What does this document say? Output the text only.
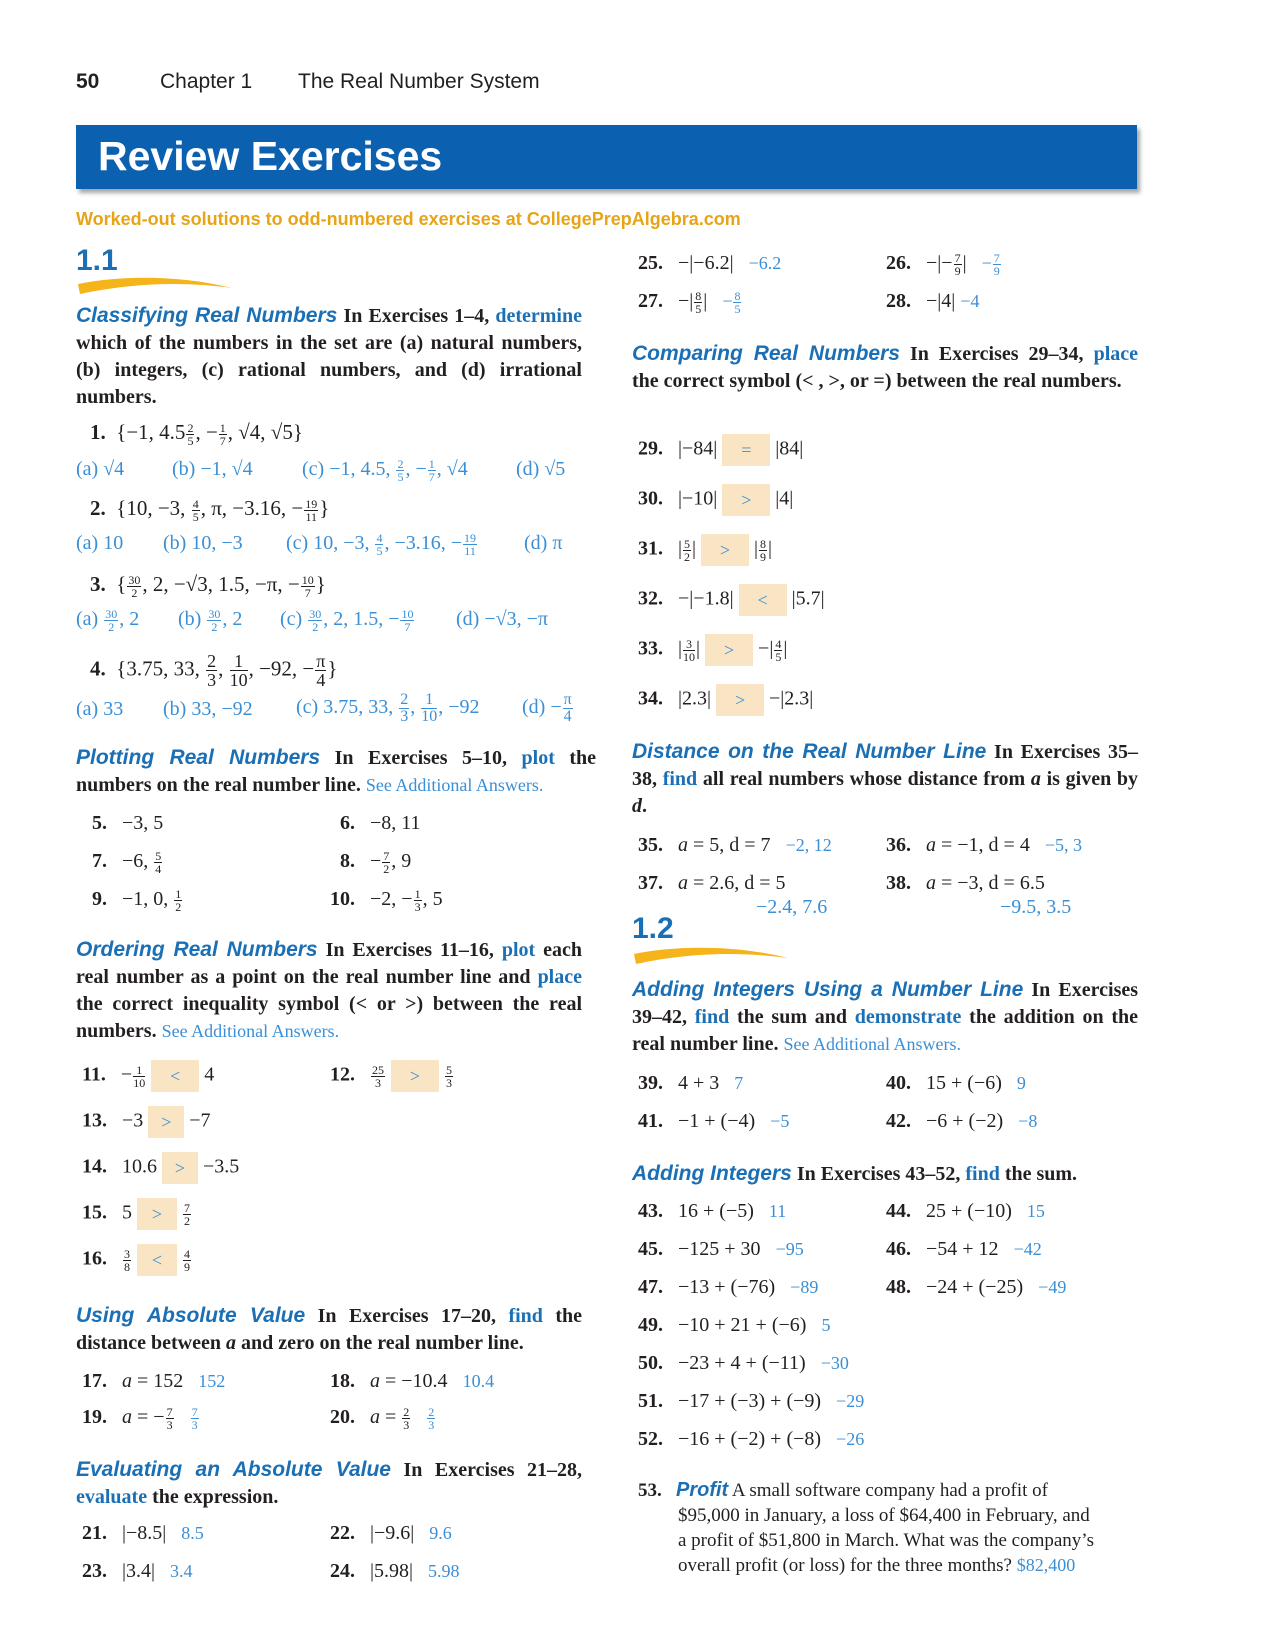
50	Chapter 1 The Real Number System
Review Exercises
Worked-out solutions to odd-numbered exercises at CollegePrepAlgebra.com
1.1
Classifying Real Numbers In Exercises 1–4, determine which of the numbers in the set are (a) natural numbers, (b) integers, (c) rational numbers, and (d) irrational numbers.
1. {−1, $4.5 \frac{2}{5}$ , − $\frac{1}{7}$ , √4, √5}
(a) √4 (b) −1, √4 (c) −1, 4.5, $\frac{2}{5}$ , − $\frac{1}{7}$ , √4 (d) √5
2. {10, −3, $\frac{4}{5}$ , π, −3.16, − $\frac{19}{11}$ }
(a) 10 (b) 10, −3 (c) 10, −3, $\frac{4}{5}$ , −3.16, − $\frac{19}{11} (d)$ π
3. { $\frac{30}{2}$ , 2, −√3, 1.5, −π, − $\frac{10}{7}$ }
$(a) \frac{30}{2}$ , 2 $(b) \frac{30}{2}$ , 2 $(c) \frac{30}{2}$ , 2, 1.5, − $\frac{10}{7} (d) -√3$, −π
4. {3.75, 33, $\frac{2}{3}$ , $\frac{1}{10}$ , −92, − $\frac{\pi}{4}$ }
(a) 33 (b) 33, −92 (c) 3.75, 33, $\frac{2}{3}$ , $\frac{1}{10}$ , −92 $(d) - \frac{\pi}{4}$
Plotting Real Numbers In Exercises 5–10, plot the numbers on the real number line. See Additional Answers.
5. −3, 5	6. −8, 11
7. −6, $\frac{5}{4}$	8. − $\frac{7}{2}$ , 9
9. −1, 0, $\frac{1}{2}$	10. −2, − $\frac{1}{3}$ , 5
Ordering Real Numbers In Exercises 11–16, plot each real number as a point on the real number line and place the correct inequality symbol (< or >) between the real numbers. See Additional Answers.
11.   − $\frac{1}{10} < 4$	12. $\frac{25}{3} > \frac{5}{3}$
13. −3 > −7
14. 10.6 > −3.5
15. $5 > \frac{7}{2}$
16. $\frac{3}{8} < \frac{4}{9}$
Using Absolute Value In Exercises 17–20, find the distance between a and zero on the real number line.
17. a = 152 152	18. a = −10.4 10.4
19. a = − $\frac{7}{3}$
$\frac{7}{3}$	20. $a = \frac{2}{3}$
$\frac{2}{3}$
Evaluating an Absolute Value In Exercises 21–28, evaluate the expression.
21. |−8.5| 8.5	22. |−9.6| 9.6
23. |3.4| 3.4	24. |5.98| 5.98
25. −|−6.2| −6.2	26. −|− $\frac{7}{9}$ | − $\frac{7}{9}$
27. −| $\frac{8}{5}$ | − $\frac{8}{5}$	28. −|4| −4
Comparing Real Numbers In Exercises 29–34, place the correct symbol (< , >, or =) between the real numbers.
29. |−84| = |84|
30. |−10| > |4|
31.   | $\frac{5}{2}$ | > | $\frac{8}{9}$ |
32. −|−1.8| < |5.7|
33.   | $\frac{3}{10}$ | > −| $\frac{4}{5}$ |
34. |2.3| > −|2.3|
Distance on the Real Number Line In Exercises 35–38, find all real numbers whose distance from a is given by d.
35. a = 5, d = 7 −2, 12	36. a = −1, d = 4 −5, 3
37. a = 2.6, d = 5
−2.4, 7.6
38. a = −3, d = 6.5
−9.5, 3.5
1.2
Adding Integers Using a Number Line In Exercises 39–42, find the sum and demonstrate the addition on the real number line. See Additional Answers.
39. 4 + 3 7	40. 15 + (−6) 9
41. −1 + (−4) −5	42. −6 + (−2) −8
Adding Integers In Exercises 43–52, find the sum.
43. 16 + (−5) 11	44. 25 + (−10) 15
45. −125 + 30 −95	46. −54 + 12 −42
47. −13 + (−76) −89	48. −24 + (−25) −49
49. −10 + 21 + (−6) 5
50. −23 + 4 + (−11) −30
51. −17 + (−3) + (−9) −29
52. −16 + (−2) + (−8) −26
53. Profit A small software company had a profit of
$95,000 in January, a loss of $64,400 in February, and
a profit of $51,800 in March. What was the company’s
overall profit (or loss) for the three months? $82,400
